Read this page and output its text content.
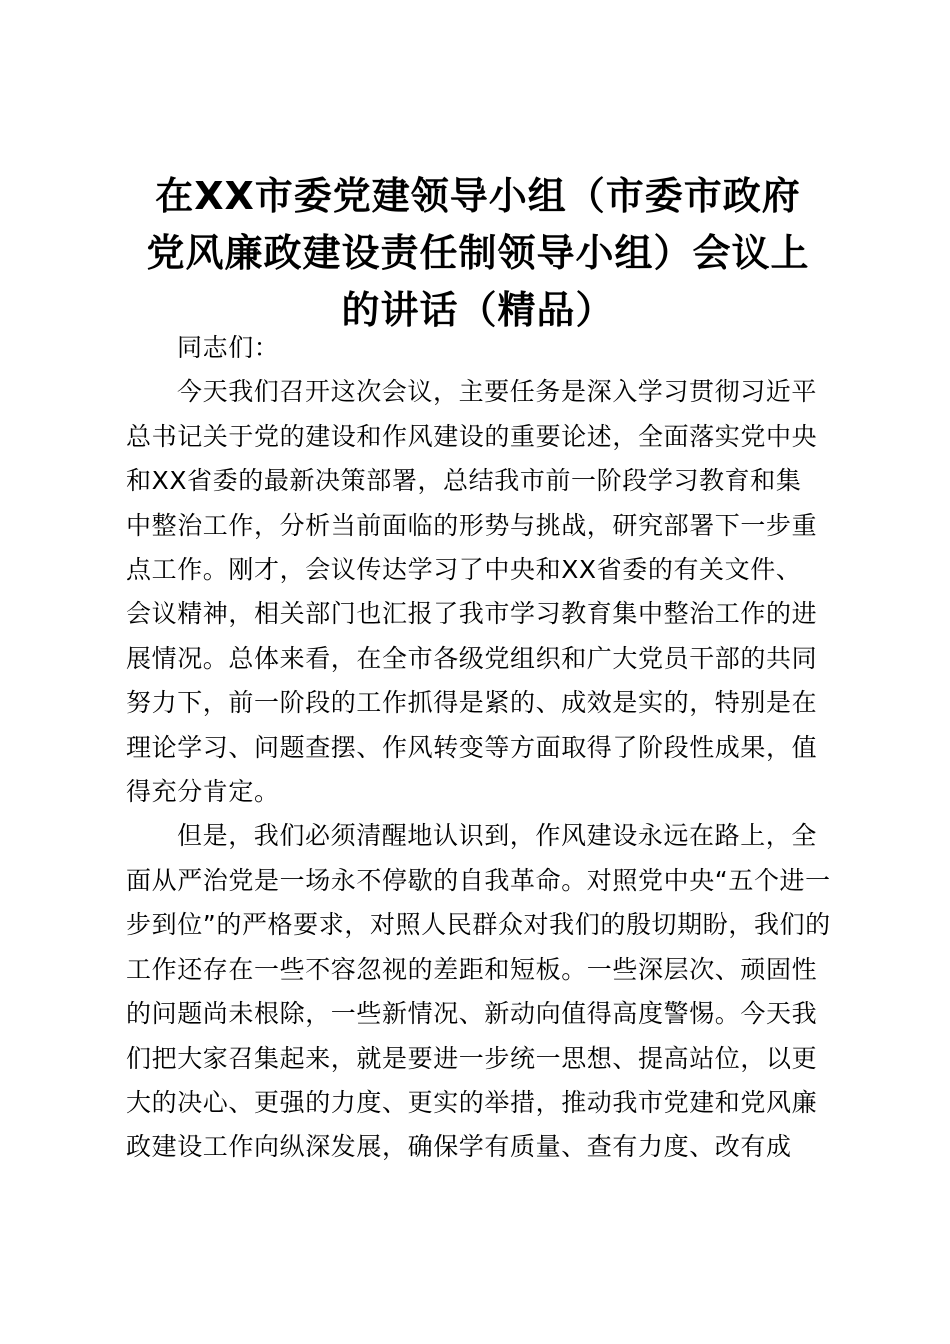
在XX市委党建领导小组（市委市政府
党风廉政建设责任制领导小组）会议上
的讲话（精品）

同志们：

今天我们召开这次会议，主要任务是深入学习贯彻习近平
总书记关于党的建设和作风建设的重要论述，全面落实党中央
和XX省委的最新决策部署，总结我市前一阶段学习教育和集
中整治工作，分析当前面临的形势与挑战，研究部署下一步重
点工作。刚才，会议传达学习了中央和XX省委的有关文件、
会议精神，相关部门也汇报了我市学习教育集中整治工作的进
展情况。总体来看，在全市各级党组织和广大党员干部的共同
努力下，前一阶段的工作抓得是紧的、成效是实的，特别是在
理论学习、问题查摆、作风转变等方面取得了阶段性成果，值
得充分肯定。

但是，我们必须清醒地认识到，作风建设永远在路上，全
面从严治党是一场永不停歇的自我革命。对照党中央“五个进一
步到位”的严格要求，对照人民群众对我们的殷切期盼，我们的
工作还存在一些不容忽视的差距和短板。一些深层次、顽固性
的问题尚未根除，一些新情况、新动向值得高度警惕。今天我
们把大家召集起来，就是要进一步统一思想、提高站位，以更
大的决心、更强的力度、更实的举措，推动我市党建和党风廉
政建设工作向纵深发展，确保学有质量、查有力度、改有成
